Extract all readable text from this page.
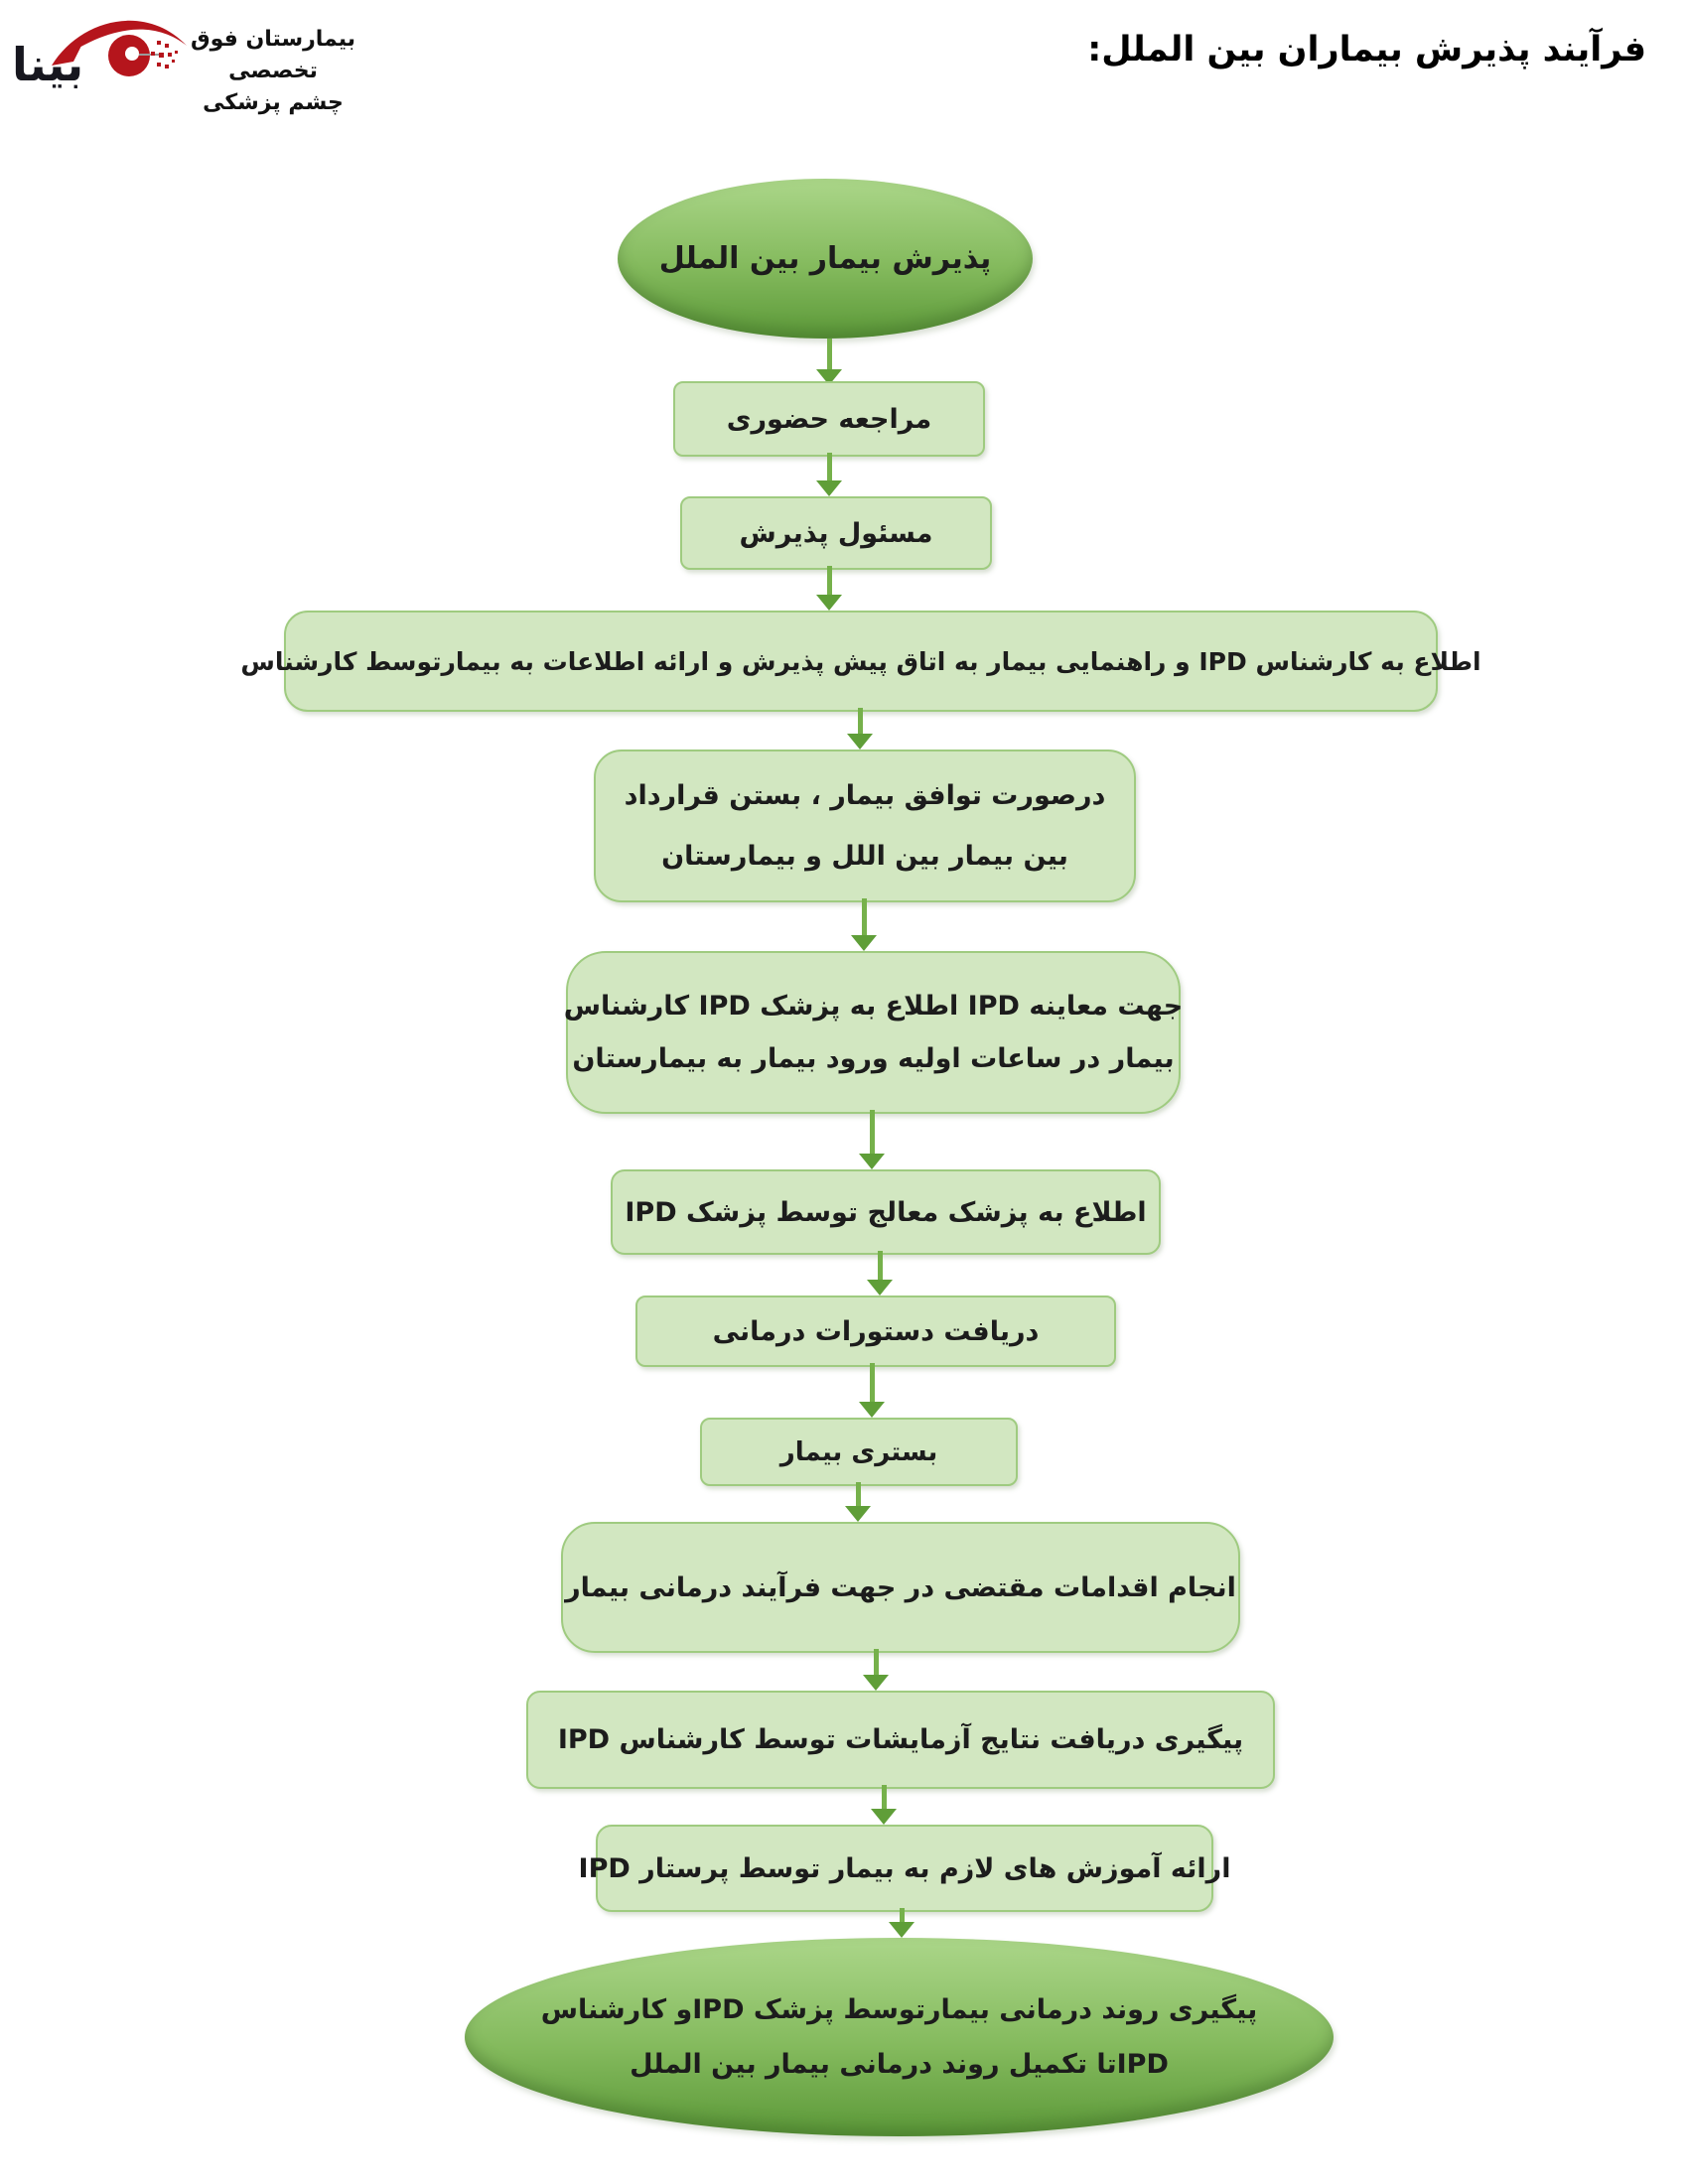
فرآیند پذیرش بیماران بین الملل:
بینا	بیمارستان فوق تخصصی
چشم پزشکی
پذیرش بیمار بین الملل
مراجعه حضوری
مسئول پذیرش
اطلاع به کارشناس IPD و راهنمایی بیمار به اتاق پیش پذیرش و ارائه اطلاعات به بیمارتوسط کارشناس
درصورت توافق بیمار ، بستن قرارداد
بین بیمار بین اللل و بیمارستان
جهت معاینه IPD اطلاع به پزشک IPD کارشناس
بیمار در ساعات اولیه ورود بیمار به بیمارستان
اطلاع به پزشک معالج توسط پزشک IPD
دریافت دستورات درمانی
بستری بیمار
انجام اقدامات مقتضی در جهت فرآیند درمانی بیمار
پیگیری دریافت نتایج آزمایشات توسط کارشناس IPD
ارائه آموزش های لازم به بیمار توسط پرستار IPD
پیگیری روند درمانی بیمارتوسط پزشک IPDو کارشناس
IPDتا تکمیل روند درمانی بیمار بین الملل
